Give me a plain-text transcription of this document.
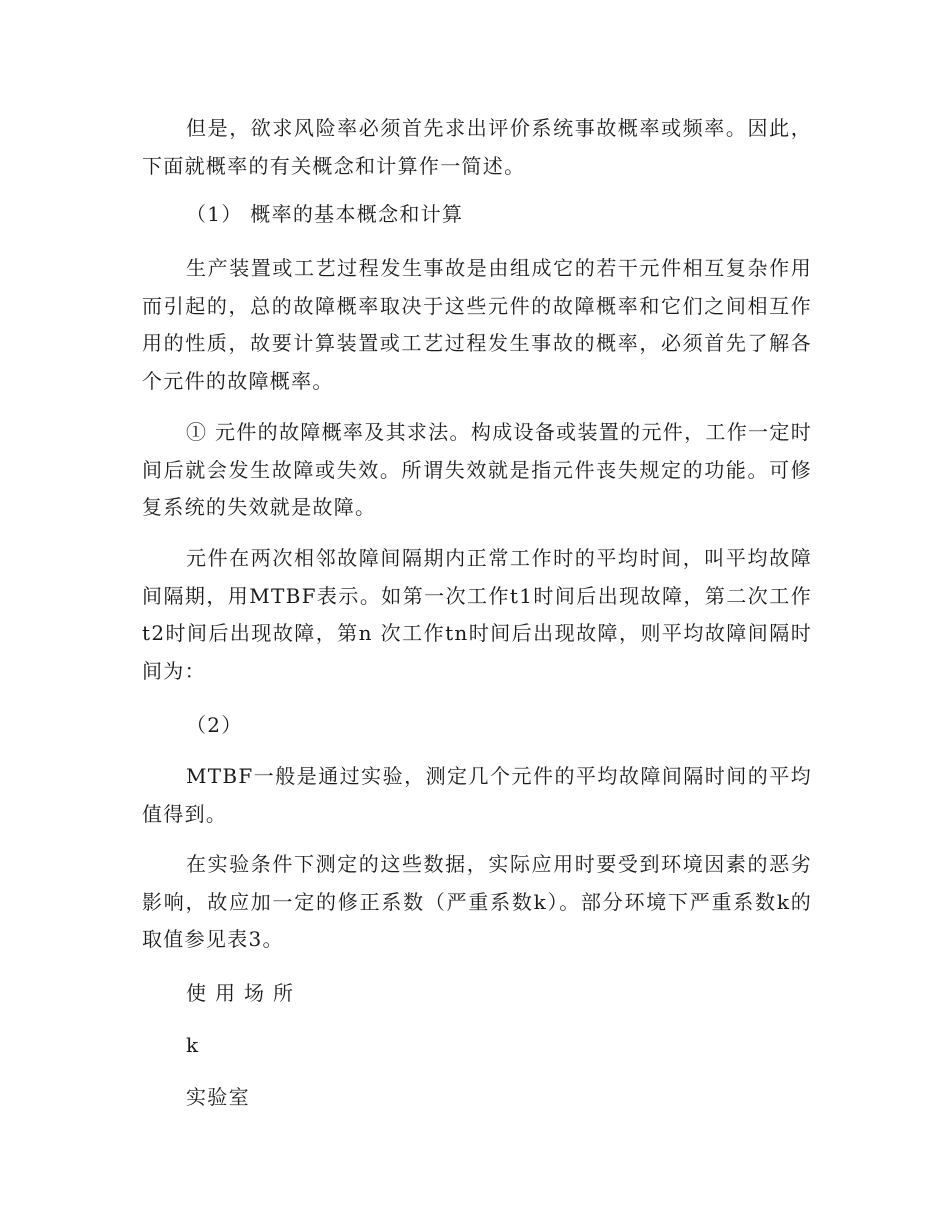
但是，欲求风险率必须首先求出评价系统事故概率或频率。因此，下面就概率的有关概念和计算作一简述。

（1） 概率的基本概念和计算

生产装置或工艺过程发生事故是由组成它的若干元件相互复杂作用而引起的，总的故障概率取决于这些元件的故障概率和它们之间相互作用的性质，故要计算装置或工艺过程发生事故的概率，必须首先了解各个元件的故障概率。

① 元件的故障概率及其求法。构成设备或装置的元件，工作一定时间后就会发生故障或失效。所谓失效就是指元件丧失规定的功能。可修复系统的失效就是故障。

元件在两次相邻故障间隔期内正常工作时的平均时间，叫平均故障间隔期，用MTBF表示。如第一次工作t1时间后出现故障，第二次工作t2时间后出现故障，第n 次工作tn时间后出现故障，则平均故障间隔时间为：

（2）

MTBF一般是通过实验，测定几个元件的平均故障间隔时间的平均值得到。

在实验条件下测定的这些数据，实际应用时要受到环境因素的恶劣影响，故应加一定的修正系数（严重系数k）。部分环境下严重系数k的取值参见表3。

使用场所

k

实验室
